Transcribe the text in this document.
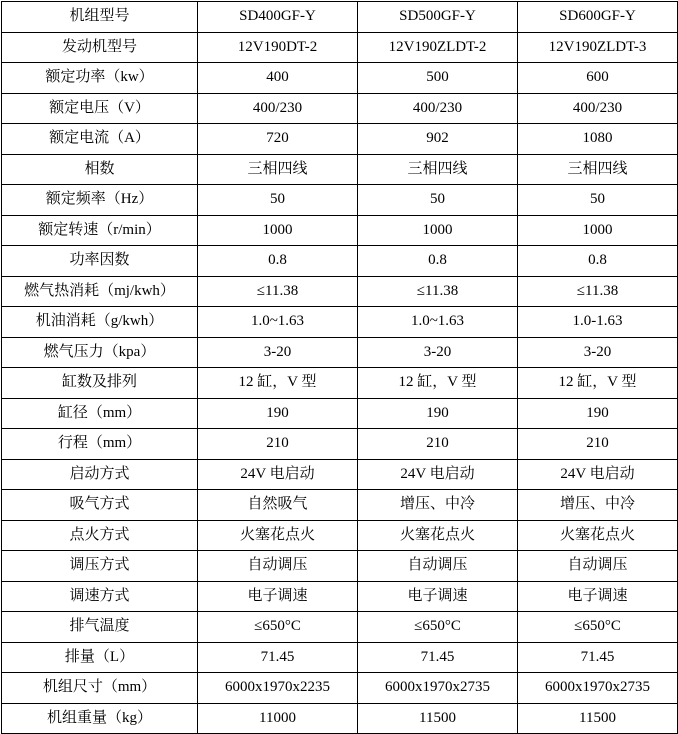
机组型号	SD400GF-Y	SD500GF-Y	SD600GF-Y
发动机型号	12V190DT-2	12V190ZLDT-2	12V190ZLDT-3
额定功率（kw）	400	500	600
额定电压（V）	400/230	400/230	400/230
额定电流（A）	720	902	1080
相数	三相四线	三相四线	三相四线
额定频率（Hz）	50	50	50
额定转速（r/min）	1000	1000	1000
功率因数	0.8	0.8	0.8
燃气热消耗（mj/kwh）	≤11.38	≤11.38	≤11.38
机油消耗（g/kwh）	1.0~1.63	1.0~1.63	1.0-1.63
燃气压力（kpa）	3-20	3-20	3-20
缸数及排列	12 缸，V 型	12 缸，V 型	12 缸，V 型
缸径（mm）	190	190	190
行程（mm）	210	210	210
启动方式	24V 电启动	24V 电启动	24V 电启动
吸气方式	自然吸气	增压、中冷	增压、中冷
点火方式	火塞花点火	火塞花点火	火塞花点火
调压方式	自动调压	自动调压	自动调压
调速方式	电子调速	电子调速	电子调速
排气温度	≤650°C	≤650°C	≤650°C
排量（L）	71.45	71.45	71.45
机组尺寸（mm）	6000x1970x2235	6000x1970x2735	6000x1970x2735
机组重量（kg）	11000	11500	11500
